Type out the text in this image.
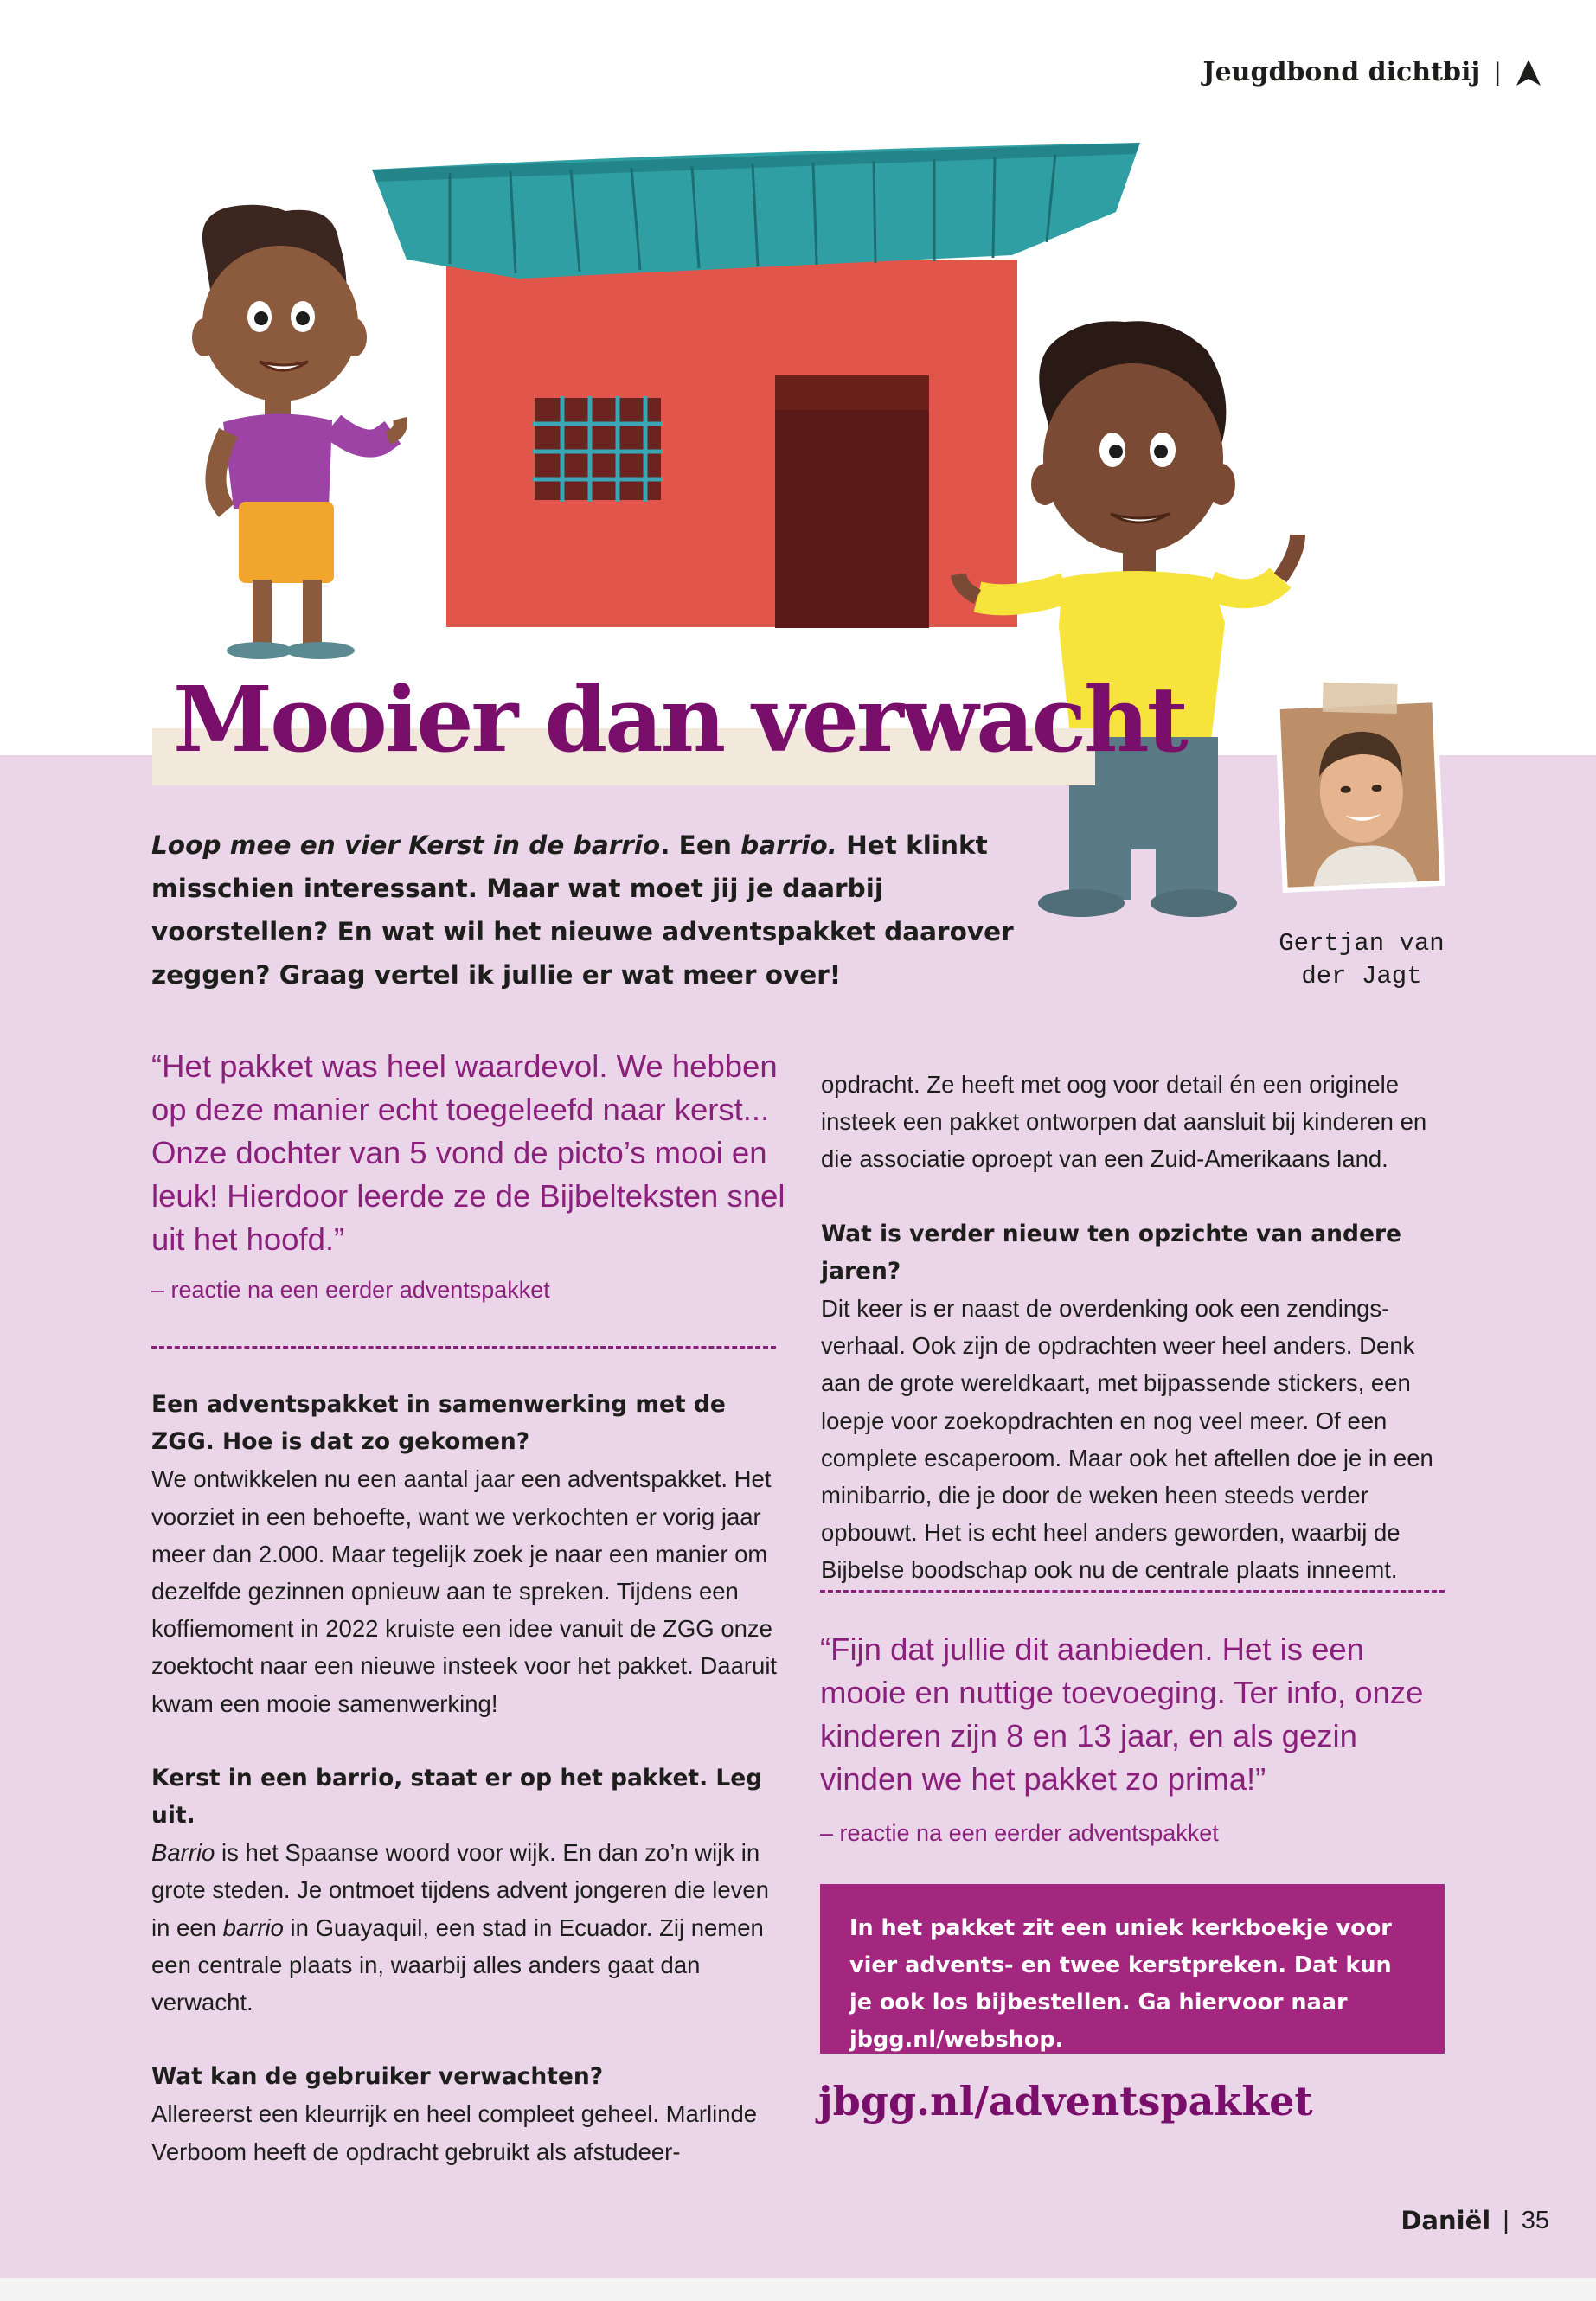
Jeugdbond dichtbij |
Mooier dan verwacht
Gertjan van
der Jagt
Loop mee en vier Kerst in de barrio. Een barrio. Het klinkt misschien interessant. Maar wat moet jij je daarbij voorstellen? En wat wil het nieuwe adventspakket daarover zeggen? Graag vertel ik jullie er wat meer over!
“Het pakket was heel waardevol. We hebben op deze manier echt toegeleefd naar kerst... Onze dochter van 5 vond de picto’s mooi en leuk! Hierdoor leerde ze de Bijbelteksten snel uit het hoofd.”
– reactie na een eerder adventspakket

Een adventspakket in samenwerking met de ZGG. Hoe is dat zo gekomen?
We ontwikkelen nu een aantal jaar een adventspakket. Het voorziet in een behoefte, want we verkochten er vorig jaar meer dan 2.000. Maar tegelijk zoek je naar een manier om dezelfde gezinnen opnieuw aan te spreken. Tijdens een koffiemoment in 2022 kruiste een idee vanuit de ZGG onze zoektocht naar een nieuwe insteek voor het pakket. Daaruit kwam een mooie samenwerking!

Kerst in een barrio, staat er op het pakket. Leg uit.
Barrio is het Spaanse woord voor wijk. En dan zo’n wijk in grote steden. Je ontmoet tijdens advent jongeren die leven in een barrio in Guayaquil, een stad in Ecuador. Zij nemen een centrale plaats in, waarbij alles anders gaat dan verwacht.

Wat kan de gebruiker verwachten?
Allereerst een kleurrijk en heel compleet geheel. Marlinde Verboom heeft de opdracht gebruikt als afstudeer-

opdracht. Ze heeft met oog voor detail én een originele insteek een pakket ontworpen dat aansluit bij kinderen en die associatie oproept van een Zuid-Amerikaans land.

Wat is verder nieuw ten opzichte van andere jaren?
Dit keer is er naast de overdenking ook een zendingsverhaal. Ook zijn de opdrachten weer heel anders. Denk aan de grote wereldkaart, met bijpassende stickers, een loepje voor zoekopdrachten en nog veel meer. Of een complete escaperoom. Maar ook het aftellen doe je in een minibarrio, die je door de weken heen steeds verder opbouwt. Het is echt heel anders geworden, waarbij de Bijbelse boodschap ook nu de centrale plaats inneemt.

“Fijn dat jullie dit aanbieden. Het is een mooie en nuttige toevoeging. Ter info, onze kinderen zijn 8 en 13 jaar, en als gezin vinden we het pakket zo prima!”
– reactie na een eerder adventspakket
In het pakket zit een uniek kerkboekje voor vier advents- en twee kerstpreken. Dat kun je ook los bijbestellen. Ga hiervoor naar jbgg.nl/webshop.
jbgg.nl/adventspakket
Daniël | 35
